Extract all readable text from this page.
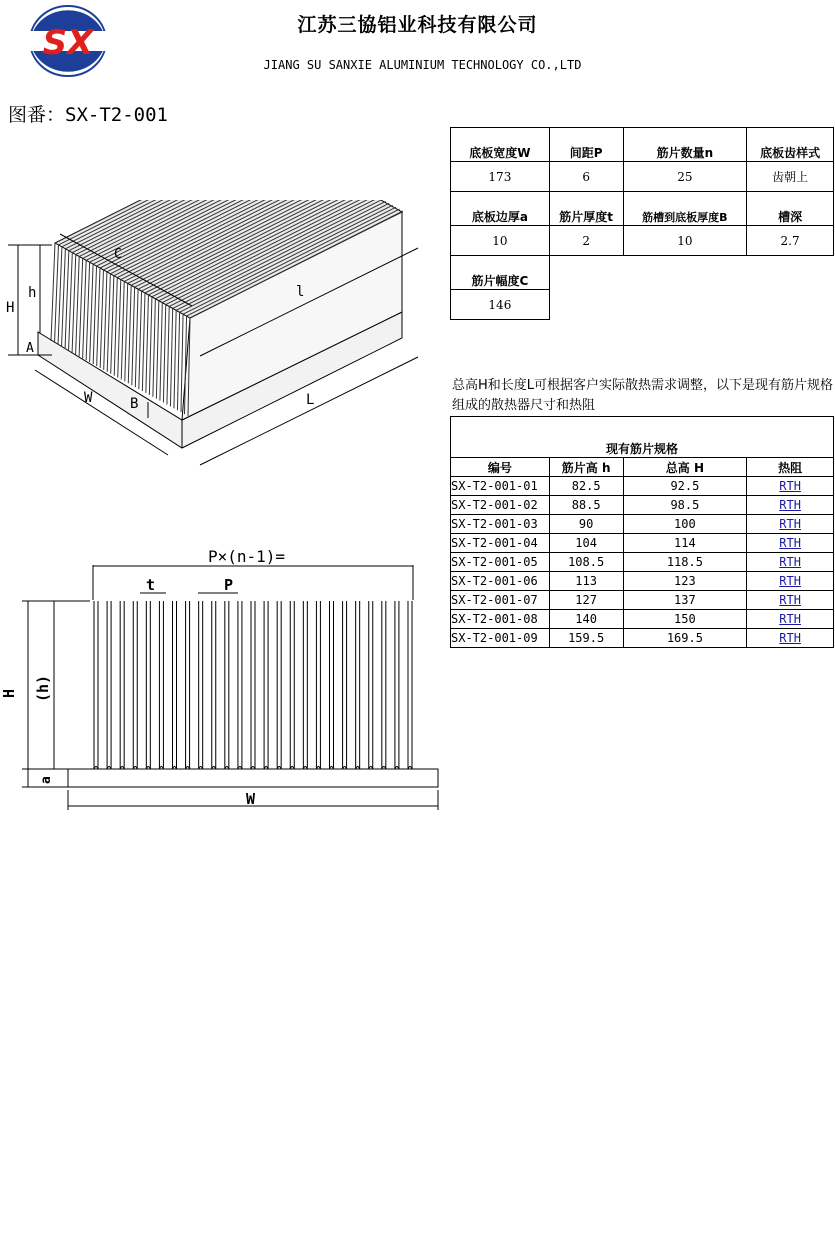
SX	江苏三協铝业科技有限公司
JIANG SU SANXIE ALUMINIUM TECHNOLOGY CO.,LTD
图番：SX-T2-001
底板宽度W	间距P	筋片数量n	底板齿样式
173	6	25	齿朝上
底板边厚a	筋片厚度t	筋槽到底板厚度B	槽深
10	2	10	2.7
筋片幅度C			
146			
总高H和长度L可根据客户实际散热需求调整，以下是现有筋片规格组成的散热器尺寸和热阻
现有筋片规格			
编号	筋片高 h	总高 H	热阻
SX-T2-001-01	82.5	92.5	RTH
SX-T2-001-02	88.5	98.5	RTH
SX-T2-001-03	90	100	RTH
SX-T2-001-04	104	114	RTH
SX-T2-001-05	108.5	118.5	RTH
SX-T2-001-06	113	123	RTH
SX-T2-001-07	127	137	RTH
SX-T2-001-08	140	150	RTH
SX-T2-001-09	159.5	169.5	RTH
C
H
h	l
A
W	B	L
P×(n-1)=
t	P
H (h)
a
W
